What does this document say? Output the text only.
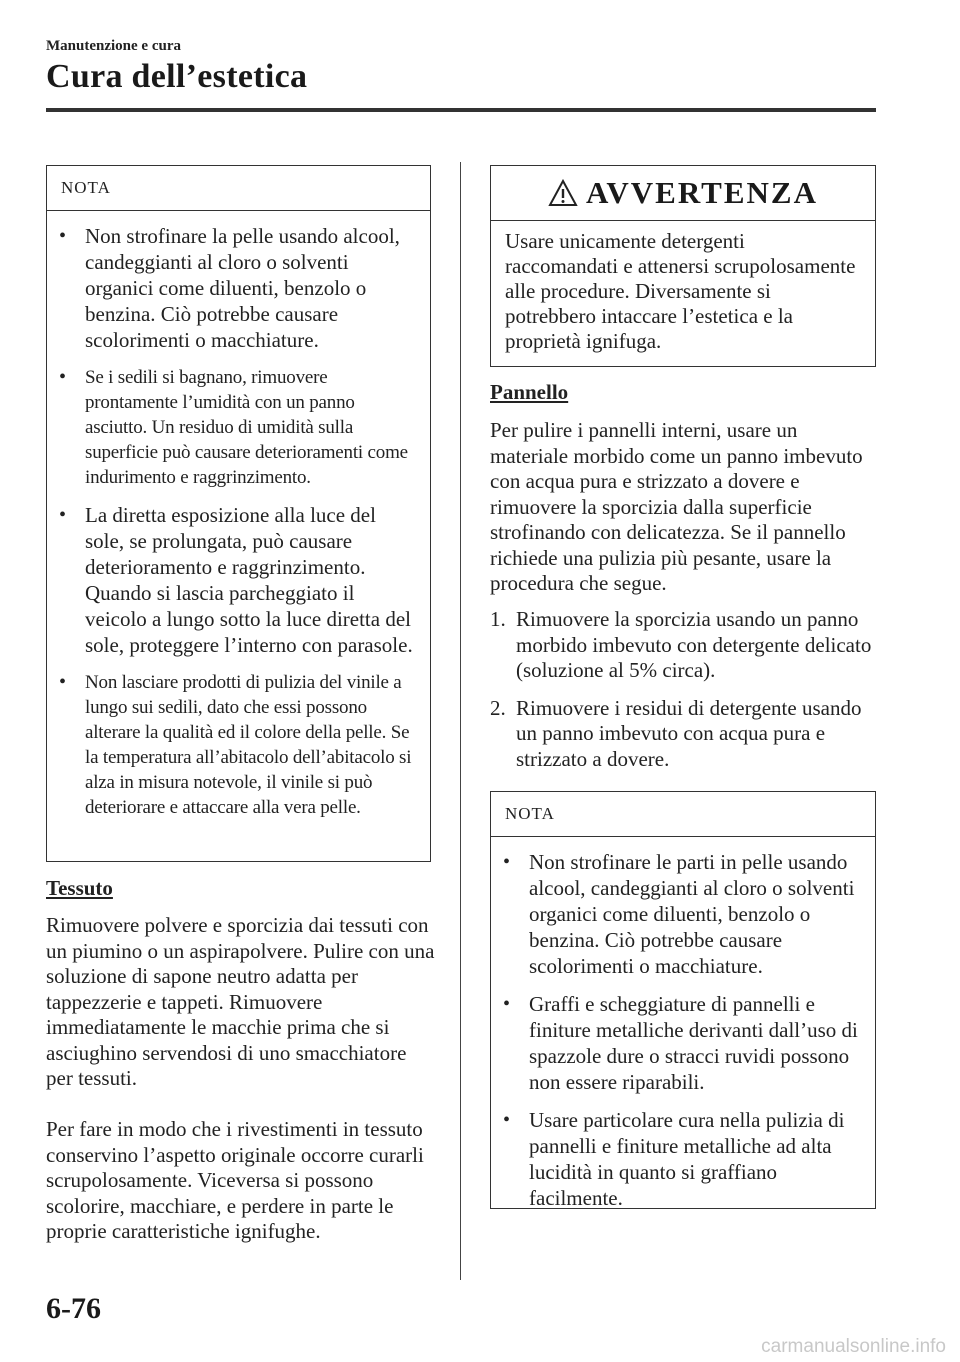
Manutenzione e cura
Cura dell’estetica
NOTA
• Non strofinare la pelle usando alcool, candeggianti al cloro o solventi organici come diluenti, benzolo o benzina. Ciò potrebbe causare scolorimenti o macchiature.
• Se i sedili si bagnano, rimuovere prontamente l’umidità con un panno asciutto. Un residuo di umidità sulla superficie può causare deterioramenti come indurimento e raggrinzimento.
• La diretta esposizione alla luce del sole, se prolungata, può causare deterioramento e raggrinzimento. Quando si lascia parcheggiato il veicolo a lungo sotto la luce diretta del sole, proteggere l’interno con parasole.
• Non lasciare prodotti di pulizia del vinile a lungo sui sedili, dato che essi possono alterare la qualità ed il colore della pelle. Se la temperatura all’abitacolo dell’abitacolo si alza in misura notevole, il vinile si può deteriorare e attaccare alla vera pelle.
Tessuto

Rimuovere polvere e sporcizia dai tessuti con un piumino o un aspirapolvere. Pulire con una soluzione di sapone neutro adatta per tappezzerie e tappeti. Rimuovere immediatamente le macchie prima che si asciughino servendosi di uno smacchiatore per tessuti.

Per fare in modo che i rivestimenti in tessuto conservino l’aspetto originale occorre curarli scrupolosamente. Viceversa si possono scolorire, macchiare, e perdere in parte le proprie caratteristiche ignifughe.

AVVERTENZA
Usare unicamente detergenti raccomandati e attenersi scrupolosamente alle procedure. Diversamente si potrebbero intaccare l’estetica e la proprietà ignifuga.
Pannello

Per pulire i pannelli interni, usare un materiale morbido come un panno imbevuto con acqua pura e strizzato a dovere e rimuovere la sporcizia dalla superficie strofinando con delicatezza. Se il pannello richiede una pulizia più pesante, usare la procedura che segue.

1. Rimuovere la sporcizia usando un panno morbido imbevuto con detergente delicato (soluzione al 5% circa).
2. Rimuovere i residui di detergente usando un panno imbevuto con acqua pura e strizzato a dovere.
NOTA
• Non strofinare le parti in pelle usando alcool, candeggianti al cloro o solventi organici come diluenti, benzolo o benzina. Ciò potrebbe causare scolorimenti o macchiature.
• Graffi e scheggiature di pannelli e finiture metalliche derivanti dall’uso di spazzole dure o stracci ruvidi possono non essere riparabili.
• Usare particolare cura nella pulizia di pannelli e finiture metalliche ad alta lucidità in quanto si graffiano facilmente.
6-76
carmanualsonline.info
